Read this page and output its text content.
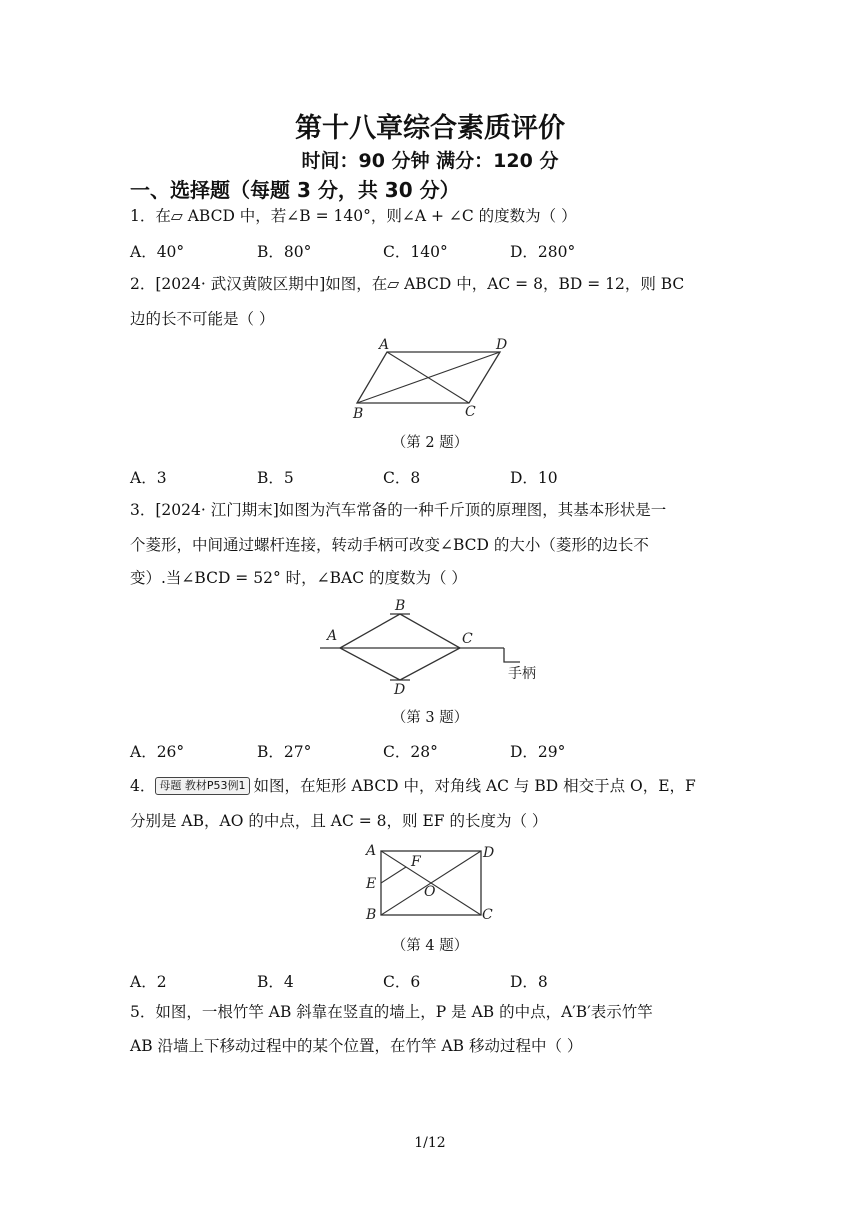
第十八章综合素质评价
时间：90 分钟 满分：120 分
一、选择题（每题 3 分，共 30 分）
1．在▱ ABCD 中，若∠B = 140°，则∠A + ∠C 的度数为（ ）
A．40°	B．80°	C．140°	D．280°
2．[2024· 武汉黄陂区期中]如图，在▱ ABCD 中，AC = 8，BD = 12，则 BC
边的长不可能是（ ）
A	D
B	C
（第 2 题）
A．3	B．5	C．8	D．10
3．[2024· 江门期末]如图为汽车常备的一种千斤顶的原理图，其基本形状是一
个菱形，中间通过螺杆连接，转动手柄可改变∠BCD 的大小（菱形的边长不
变）.当∠BCD = 52° 时，∠BAC 的度数为（ ）
B
A	C
D
手柄
（第 3 题）
A．26°	B．27°	C．28°	D．29°
4． 母题 教材P53例1 如图，在矩形 ABCD 中，对角线 AC 与 BD 相交于点 O，E，F
分别是 AB，AO 的中点，且 AC = 8，则 EF 的长度为（ ）
A	D
F
E	O
B	C
（第 4 题）
A．2	B．4	C．6	D．8
5．如图，一根竹竿 AB 斜靠在竖直的墙上，P 是 AB 的中点，A′B′表示竹竿
AB 沿墙上下移动过程中的某个位置，在竹竿 AB 移动过程中（ ）
1/12
